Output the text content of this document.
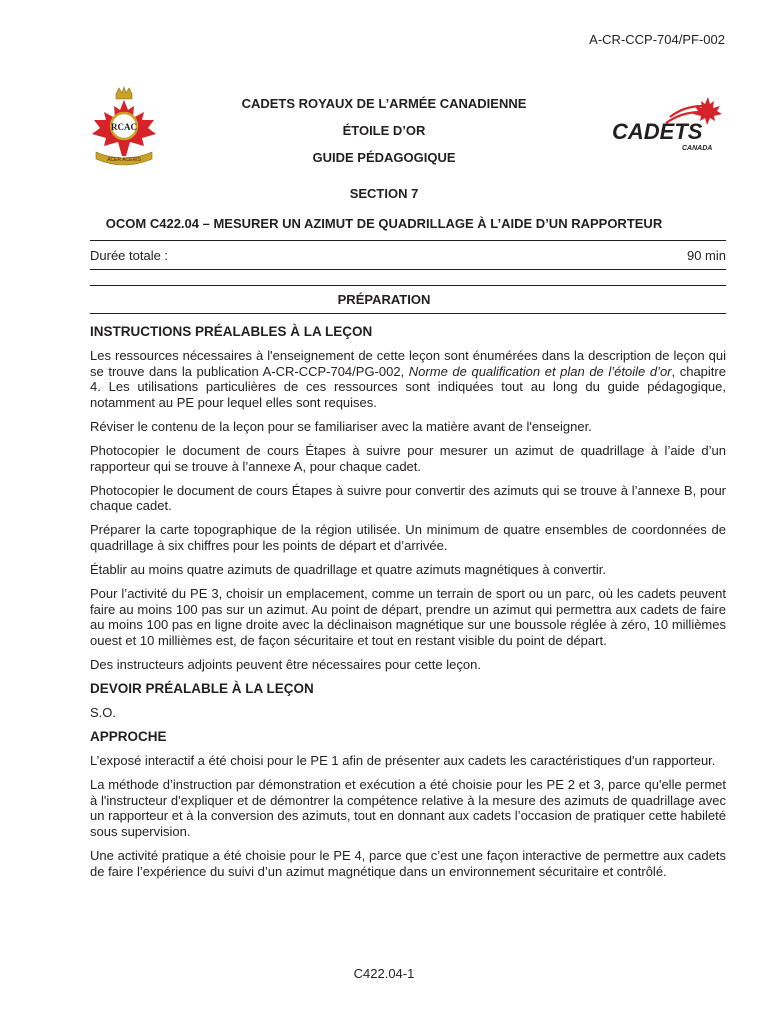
A-CR-CCP-704/PF-002
RCAC
ACER ACERIS
CADETS
CANADA
CADETS ROYAUX DE L’ARMÉE CANADIENNE
ÉTOILE D’OR
GUIDE PÉDAGOGIQUE
SECTION 7
OCOM C422.04 – MESURER UN AZIMUT DE QUADRILLAGE À L’AIDE D’UN RAPPORTEUR
Durée totale :	90 min
PRÉPARATION
INSTRUCTIONS PRÉALABLES À LA LEÇON

Les ressources nécessaires à l'enseignement de cette leçon sont énumérées dans la description de leçon qui se trouve dans la publication A-CR-CCP-704/PG-002, Norme de qualification et plan de l’étoile d’or, chapitre 4. Les utilisations particulières de ces ressources sont indiquées tout au long du guide pédagogique, notamment au PE pour lequel elles sont requises.

Réviser le contenu de la leçon pour se familiariser avec la matière avant de l'enseigner.

Photocopier le document de cours Étapes à suivre pour mesurer un azimut de quadrillage à l’aide d’un rapporteur qui se trouve à l’annexe A, pour chaque cadet.

Photocopier le document de cours Étapes à suivre pour convertir des azimuts qui se trouve à l’annexe B, pour chaque cadet.

Préparer la carte topographique de la région utilisée. Un minimum de quatre ensembles de coordonnées de quadrillage à six chiffres pour les points de départ et d’arrivée.

Établir au moins quatre azimuts de quadrillage et quatre azimuts magnétiques à convertir.

Pour l’activité du PE 3, choisir un emplacement, comme un terrain de sport ou un parc, où les cadets peuvent faire au moins 100 pas sur un azimut. Au point de départ, prendre un azimut qui permettra aux cadets de faire au moins 100 pas en ligne droite avec la déclinaison magnétique sur une boussole réglée à zéro, 10 millièmes ouest et 10 millièmes est, de façon sécuritaire et tout en restant visible du point de départ.

Des instructeurs adjoints peuvent être nécessaires pour cette leçon.

DEVOIR PRÉALABLE À LA LEÇON

S.O.

APPROCHE

L’exposé interactif a été choisi pour le PE 1 afin de présenter aux cadets les caractéristiques d'un rapporteur.

La méthode d’instruction par démonstration et exécution a été choisie pour les PE 2 et 3, parce qu'elle permet à l'instructeur d'expliquer et de démontrer la compétence relative à la mesure des azimuts de quadrillage avec un rapporteur et à la conversion des azimuts, tout en donnant aux cadets l’occasion de pratiquer cette habileté sous supervision.

Une activité pratique a été choisie pour le PE 4, parce que c’est une façon interactive de permettre aux cadets de faire l’expérience du suivi d’un azimut magnétique dans un environnement sécuritaire et contrôlé.

C422.04-1
